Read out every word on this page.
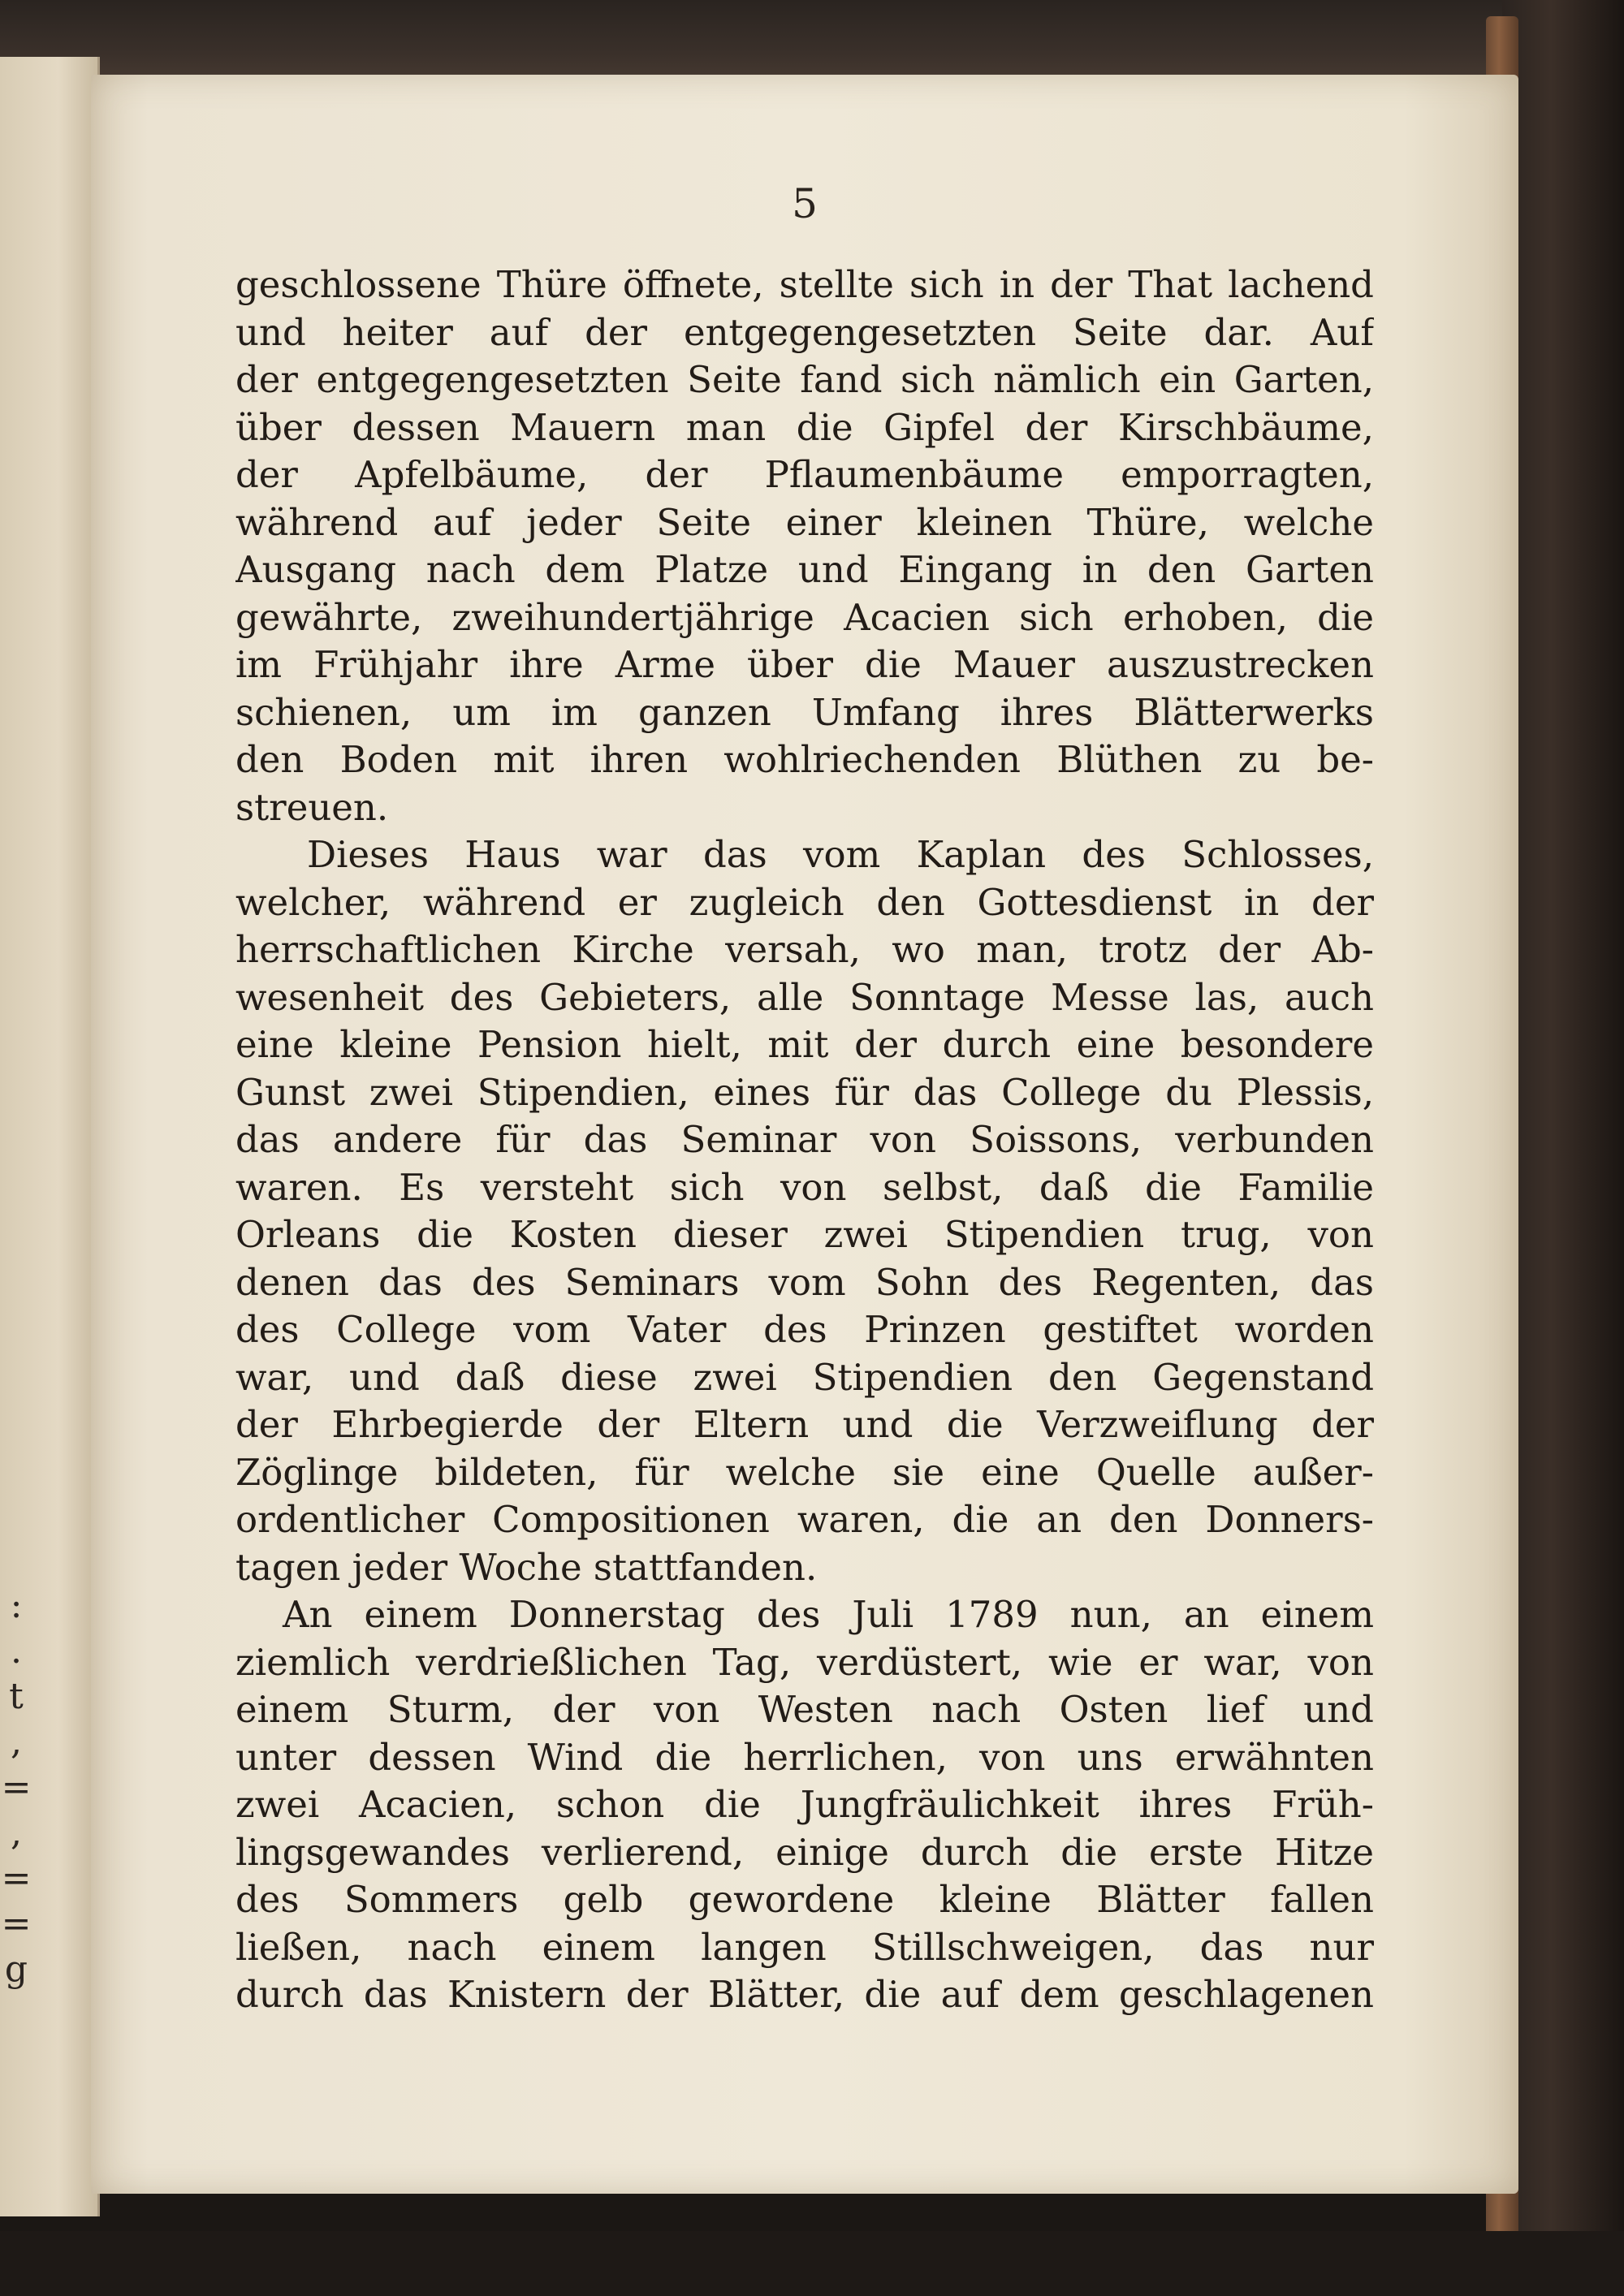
:
.
t
,
=
,
=
=
g
5
geschlossene Thüre öffnete, stellte sich in der That lachend
und heiter auf der entgegengesetzten Seite dar. Auf
der entgegengesetzten Seite fand sich nämlich ein Garten,
über dessen Mauern man die Gipfel der Kirschbäume,
der Apfelbäume, der Pflaumenbäume emporragten,
während auf jeder Seite einer kleinen Thüre, welche
Ausgang nach dem Platze und Eingang in den Garten
gewährte, zweihundertjährige Acacien sich erhoben, die
im Frühjahr ihre Arme über die Mauer auszustrecken
schienen, um im ganzen Umfang ihres Blätterwerks
den Boden mit ihren wohlriechenden Blüthen zu be-
streuen.
Dieses Haus war das vom Kaplan des Schlosses,
welcher, während er zugleich den Gottesdienst in der
herrschaftlichen Kirche versah, wo man, trotz der Ab-
wesenheit des Gebieters, alle Sonntage Messe las, auch
eine kleine Pension hielt, mit der durch eine besondere
Gunst zwei Stipendien, eines für das College du Plessis,
das andere für das Seminar von Soissons, verbunden
waren. Es versteht sich von selbst, daß die Familie
Orleans die Kosten dieser zwei Stipendien trug, von
denen das des Seminars vom Sohn des Regenten, das
des College vom Vater des Prinzen gestiftet worden
war, und daß diese zwei Stipendien den Gegenstand
der Ehrbegierde der Eltern und die Verzweiflung der
Zöglinge bildeten, für welche sie eine Quelle außer-
ordentlicher Compositionen waren, die an den Donners-
tagen jeder Woche stattfanden.
An einem Donnerstag des Juli 1789 nun, an einem
ziemlich verdrießlichen Tag, verdüstert, wie er war, von
einem Sturm, der von Westen nach Osten lief und
unter dessen Wind die herrlichen, von uns erwähnten
zwei Acacien, schon die Jungfräulichkeit ihres Früh-
lingsgewandes verlierend, einige durch die erste Hitze
des Sommers gelb gewordene kleine Blätter fallen
ließen, nach einem langen Stillschweigen, das nur
durch das Knistern der Blätter, die auf dem geschlagenen
